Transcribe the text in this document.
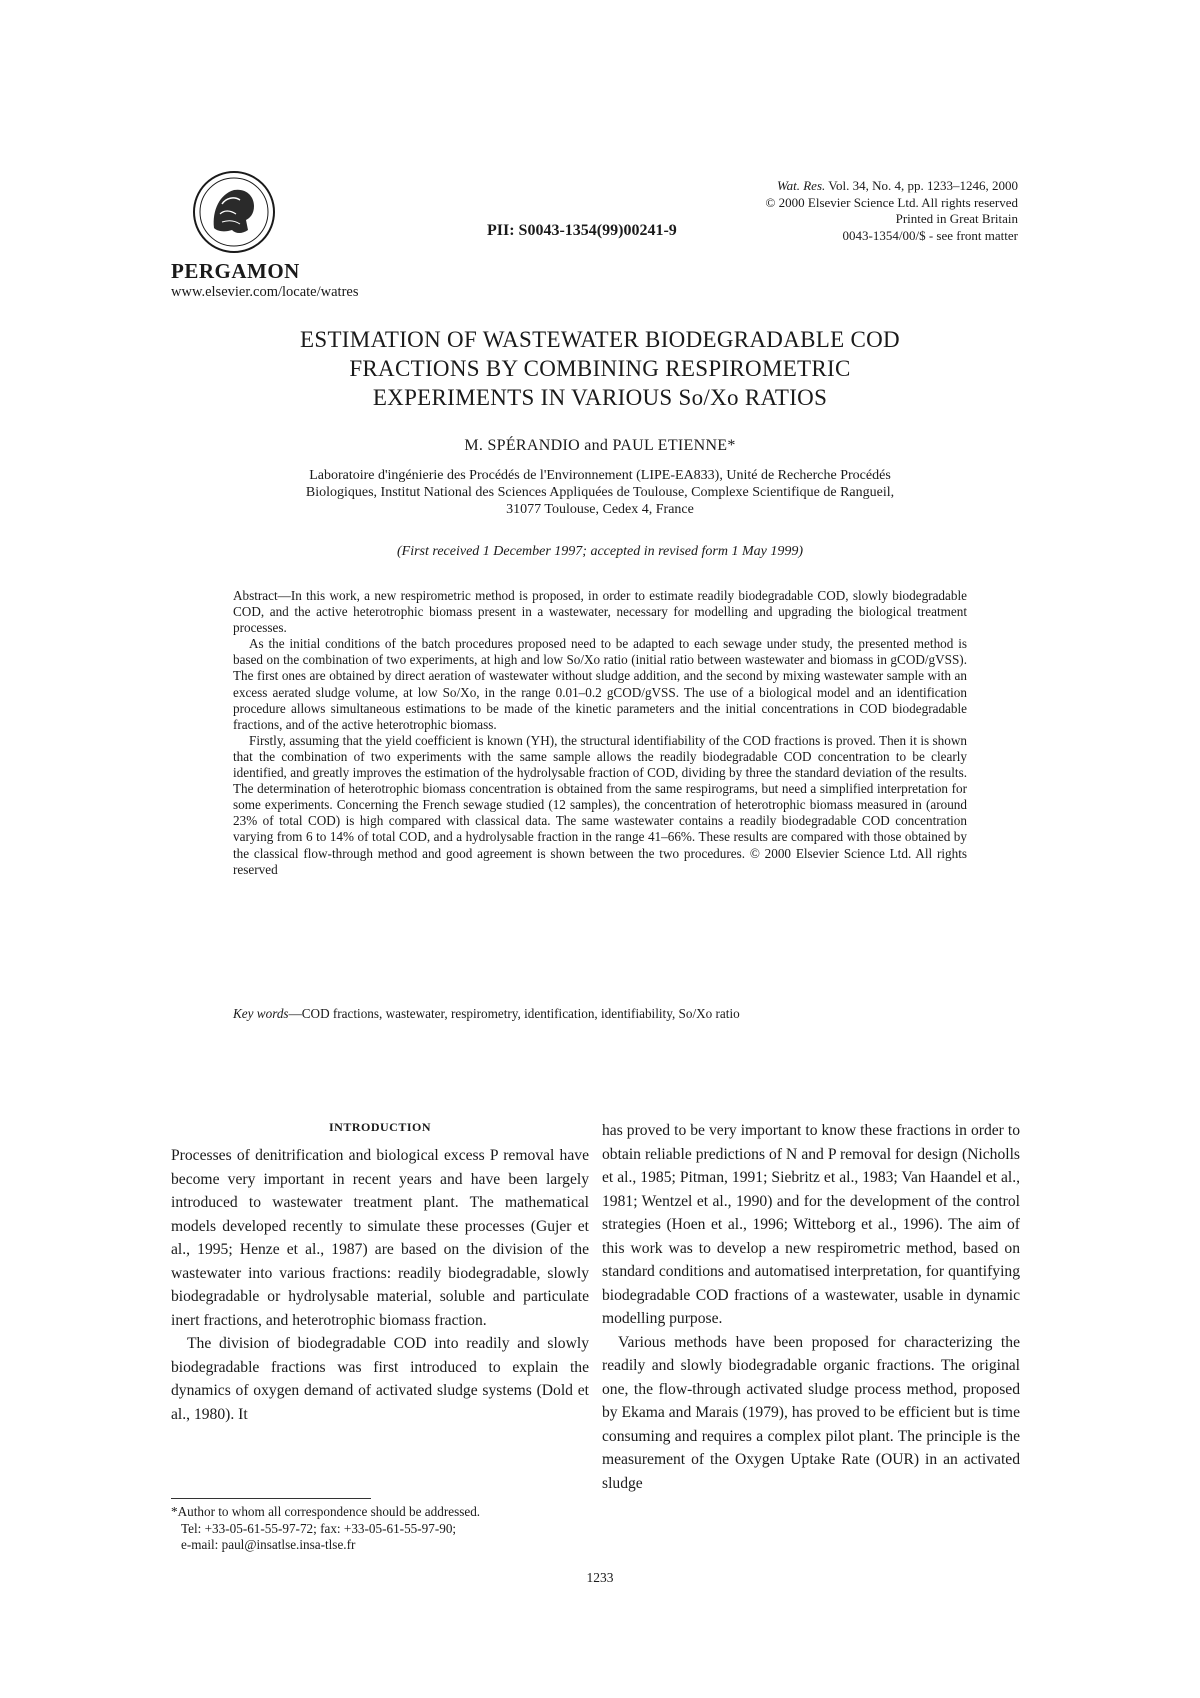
PERGAMON
www.elsevier.com/locate/watres
PII: S0043-1354(99)00241-9
Wat. Res. Vol. 34, No. 4, pp. 1233–1246, 2000
© 2000 Elsevier Science Ltd. All rights reserved
Printed in Great Britain
0043-1354/00/$ - see front matter
ESTIMATION OF WASTEWATER BIODEGRADABLE COD
FRACTIONS BY COMBINING RESPIROMETRIC
EXPERIMENTS IN VARIOUS So/Xo RATIOS
M. SPÉRANDIO and PAUL ETIENNE*
Laboratoire d'ingénierie des Procédés de l'Environnement (LIPE-EA833), Unité de Recherche Procédés
Biologiques, Institut National des Sciences Appliquées de Toulouse, Complexe Scientifique de Rangueil,
31077 Toulouse, Cedex 4, France
(First received 1 December 1997; accepted in revised form 1 May 1999)

Abstract—In this work, a new respirometric method is proposed, in order to estimate readily biodegradable COD, slowly biodegradable COD, and the active heterotrophic biomass present in a wastewater, necessary for modelling and upgrading the biological treatment processes.

As the initial conditions of the batch procedures proposed need to be adapted to each sewage under study, the presented method is based on the combination of two experiments, at high and low So/Xo ratio (initial ratio between wastewater and biomass in gCOD/gVSS). The first ones are obtained by direct aeration of wastewater without sludge addition, and the second by mixing wastewater sample with an excess aerated sludge volume, at low So/Xo, in the range 0.01–0.2 gCOD/gVSS. The use of a biological model and an identification procedure allows simultaneous estimations to be made of the kinetic parameters and the initial concentrations in COD biodegradable fractions, and of the active heterotrophic biomass.

Firstly, assuming that the yield coefficient is known (YH), the structural identifiability of the COD fractions is proved. Then it is shown that the combination of two experiments with the same sample allows the readily biodegradable COD concentration to be clearly identified, and greatly improves the estimation of the hydrolysable fraction of COD, dividing by three the standard deviation of the results. The determination of heterotrophic biomass concentration is obtained from the same respirograms, but need a simplified interpretation for some experiments. Concerning the French sewage studied (12 samples), the concentration of heterotrophic biomass measured in (around 23% of total COD) is high compared with classical data. The same wastewater contains a readily biodegradable COD concentration varying from 6 to 14% of total COD, and a hydrolysable fraction in the range 41–66%. These results are compared with those obtained by the classical flow-through method and good agreement is shown between the two procedures. © 2000 Elsevier Science Ltd. All rights reserved

Key words—COD fractions, wastewater, respirometry, identification, identifiability, So/Xo ratio
INTRODUCTION

Processes of denitrification and biological excess P removal have become very important in recent years and have been largely introduced to wastewater treatment plant. The mathematical models developed recently to simulate these processes (Gujer et al., 1995; Henze et al., 1987) are based on the division of the wastewater into various fractions: readily biodegradable, slowly biodegradable or hydrolysable material, soluble and particulate inert fractions, and heterotrophic biomass fraction.

The division of biodegradable COD into readily and slowly biodegradable fractions was first introduced to explain the dynamics of oxygen demand of activated sludge systems (Dold et al., 1980). It

has proved to be very important to know these fractions in order to obtain reliable predictions of N and P removal for design (Nicholls et al., 1985; Pitman, 1991; Siebritz et al., 1983; Van Haandel et al., 1981; Wentzel et al., 1990) and for the development of the control strategies (Hoen et al., 1996; Witteborg et al., 1996). The aim of this work was to develop a new respirometric method, based on standard conditions and automatised interpretation, for quantifying biodegradable COD fractions of a wastewater, usable in dynamic modelling purpose.

Various methods have been proposed for characterizing the readily and slowly biodegradable organic fractions. The original one, the flow-through activated sludge process method, proposed by Ekama and Marais (1979), has proved to be efficient but is time consuming and requires a complex pilot plant. The principle is the measurement of the Oxygen Uptake Rate (OUR) in an activated sludge

*Author to whom all correspondence should be addressed.
Tel: +33-05-61-55-97-72; fax: +33-05-61-55-97-90;
e-mail: paul@insatlse.insa-tlse.fr
1233
